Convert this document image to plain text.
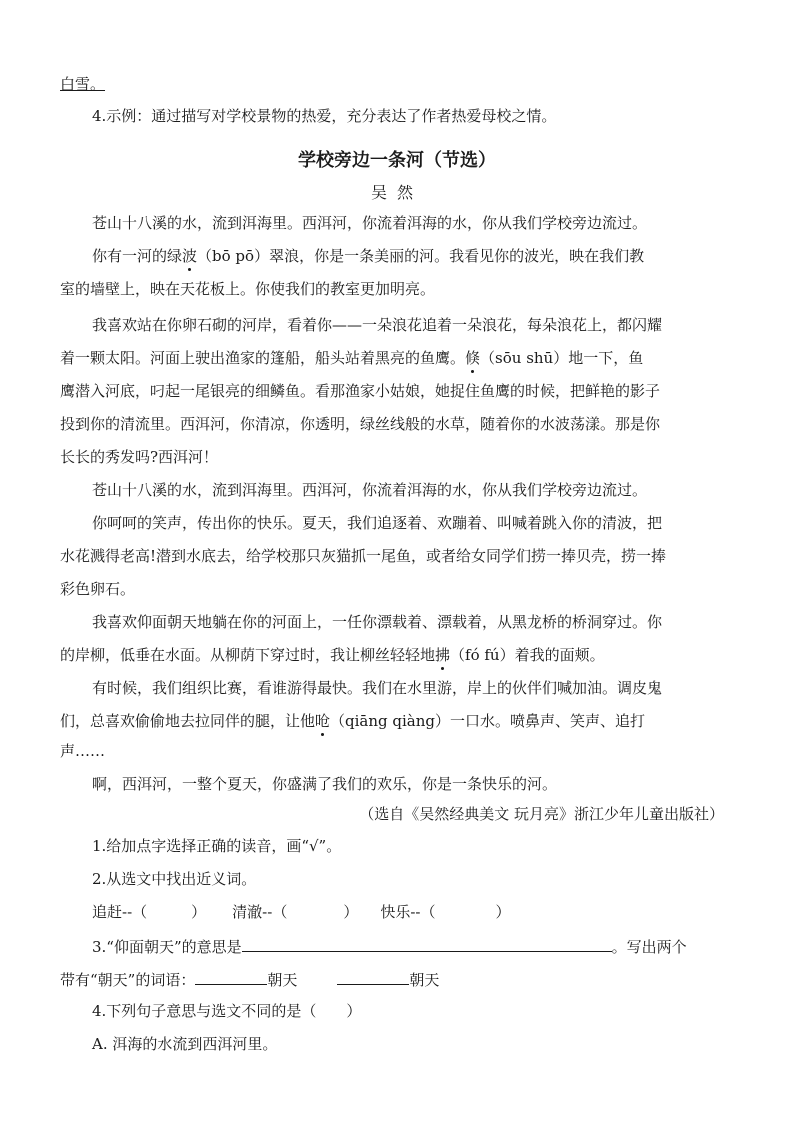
白雪。
4.示例：通过描写对学校景物的热爱，充分表达了作者热爱母校之情。
学校旁边一条河（节选）
吴然
苍山十八溪的水，流到洱海里。西洱河，你流着洱海的水，你从我们学校旁边流过。
你有一河的绿波（bō pō）翠浪，你是一条美丽的河。我看见你的波光，映在我们教
室的墙壁上，映在天花板上。你使我们的教室更加明亮。
我喜欢站在你卵石砌的河岸，看着你——一朵浪花追着一朵浪花，每朵浪花上，都闪耀
着一颗太阳。河面上驶出渔家的篷船，船头站着黑亮的鱼鹰。倏（sōu shū）地一下，鱼
鹰潜入河底，叼起一尾银亮的细鳞鱼。看那渔家小姑娘，她捉住鱼鹰的时候，把鲜艳的影子
投到你的清流里。西洱河，你清凉，你透明，绿丝线般的水草，随着你的水波荡漾。那是你
长长的秀发吗?西洱河！
苍山十八溪的水，流到洱海里。西洱河，你流着洱海的水，你从我们学校旁边流过。
你呵呵的笑声，传出你的快乐。夏天，我们追逐着、欢蹦着、叫喊着跳入你的清波，把
水花溅得老高!潜到水底去，给学校那只灰猫抓一尾鱼，或者给女同学们捞一捧贝壳，捞一捧
彩色卵石。
我喜欢仰面朝天地躺在你的河面上，一任你漂载着、漂载着，从黑龙桥的桥洞穿过。你
的岸柳，低垂在水面。从柳荫下穿过时，我让柳丝轻轻地拂（fó fú）着我的面颊。
有时候，我们组织比赛，看谁游得最快。我们在水里游，岸上的伙伴们喊加油。调皮鬼
们，总喜欢偷偷地去拉同伴的腿，让他呛（qiāng qiàng）一口水。喷鼻声、笑声、追打
声……
啊，西洱河，一整个夏天，你盛满了我们的欢乐，你是一条快乐的河。
（选自《吴然经典美文 玩月亮》浙江少年儿童出版社）
1.给加点字选择正确的读音，画“√”。
2.从选文中找出近义词。
追赶--（	） 清澈--（	） 快乐--（	）
3.“仰面朝天”的意思是	。写出两个
带有“朝天”的词语：	朝天	朝天
4.下列句子意思与选文不同的是（　　）
A. 洱海的水流到西洱河里。
